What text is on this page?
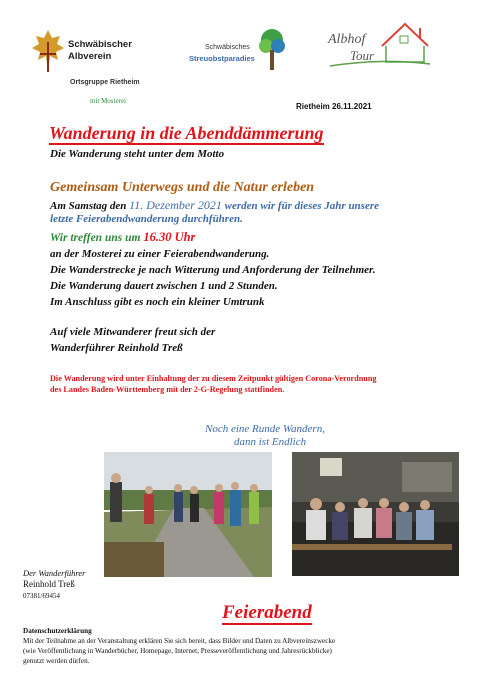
Schwäbischer
Albverein
Ortsgruppe Rietheim
mit Mosterei
Schwäbisches
Streuobstparadies
Albhof
Tour
Rietheim 26.11.2021
Wanderung in die Abenddämmerung
Die Wanderung steht unter dem Motto
Gemeinsam Unterwegs und die Natur erleben
Am Samstag den 11. Dezember 2021 werden wir für dieses Jahr unsere
letzte Feierabendwanderung durchführen.
Wir treffen uns um 16.30 Uhr
an der Mosterei zu einer Feierabendwanderung.
Die Wanderstrecke je nach Witterung und Anforderung der Teilnehmer.
Die Wanderung dauert zwischen 1 und 2 Stunden.
Im Anschluss gibt es noch ein kleiner Umtrunk
Auf viele Mitwanderer freut sich der
Wanderführer Reinhold Treß
Die Wanderung wird unter Einhaltung der zu diesem Zeitpunkt gültigen Corona-Verordnung
des Landes Baden-Württemberg mit der 2-G-Regelung stattfinden.
Noch eine Runde Wandern,
dann ist Endlich
Der Wanderführer
Reinhold Treß
07381/69454
Feierabend
Datenschutzerklärung
Mit der Teilnahme an der Veranstaltung erklären Sie sich bereit, dass Bilder und Daten zu Albvereinszwecke
(wie Veröffentlichung in Wanderbücher, Homepage, Internet, Presseveröffentlichung und Jahresrückblicke)
genutzt werden dürfen.
